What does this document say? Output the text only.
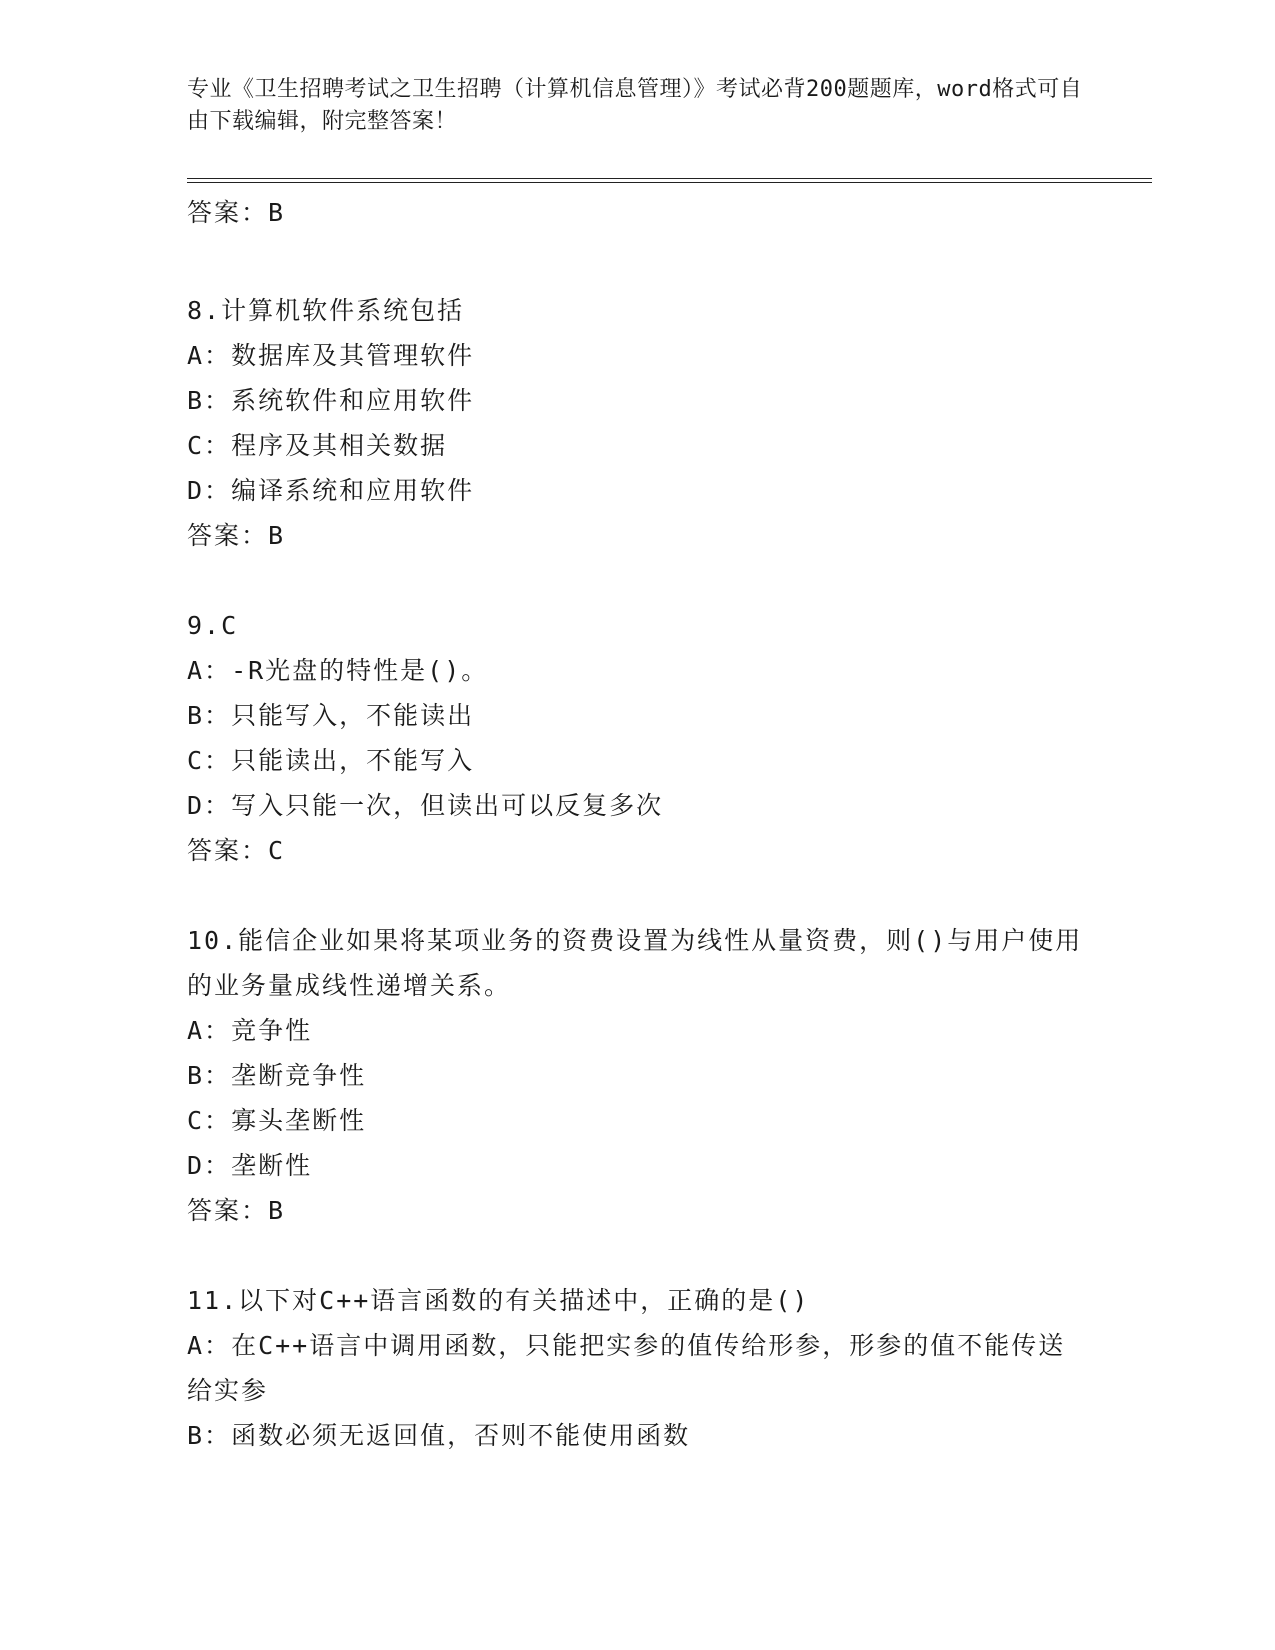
专业《卫生招聘考试之卫生招聘（计算机信息管理）》考试必背200题题库，word格式可自由下载编辑，附完整答案！
答案：B
8.计算机软件系统包括
A： 数据库及其管理软件
B： 系统软件和应用软件
C： 程序及其相关数据
D： 编译系统和应用软件
答案：B
9.C
A： -R光盘的特性是()。
B： 只能写入，不能读出
C： 只能读出，不能写入
D： 写入只能一次，但读出可以反复多次
答案：C
10.能信企业如果将某项业务的资费设置为线性从量资费，则()与用户使用的业务量成线性递增关系。
A： 竞争性
B： 垄断竞争性
C： 寡头垄断性
D： 垄断性
答案：B
11.以下对C++语言函数的有关描述中，正确的是()
A：在C++语言中调用函数，只能把实参的值传给形参，形参的值不能传送给实参
B： 函数必须无返回值，否则不能使用函数
